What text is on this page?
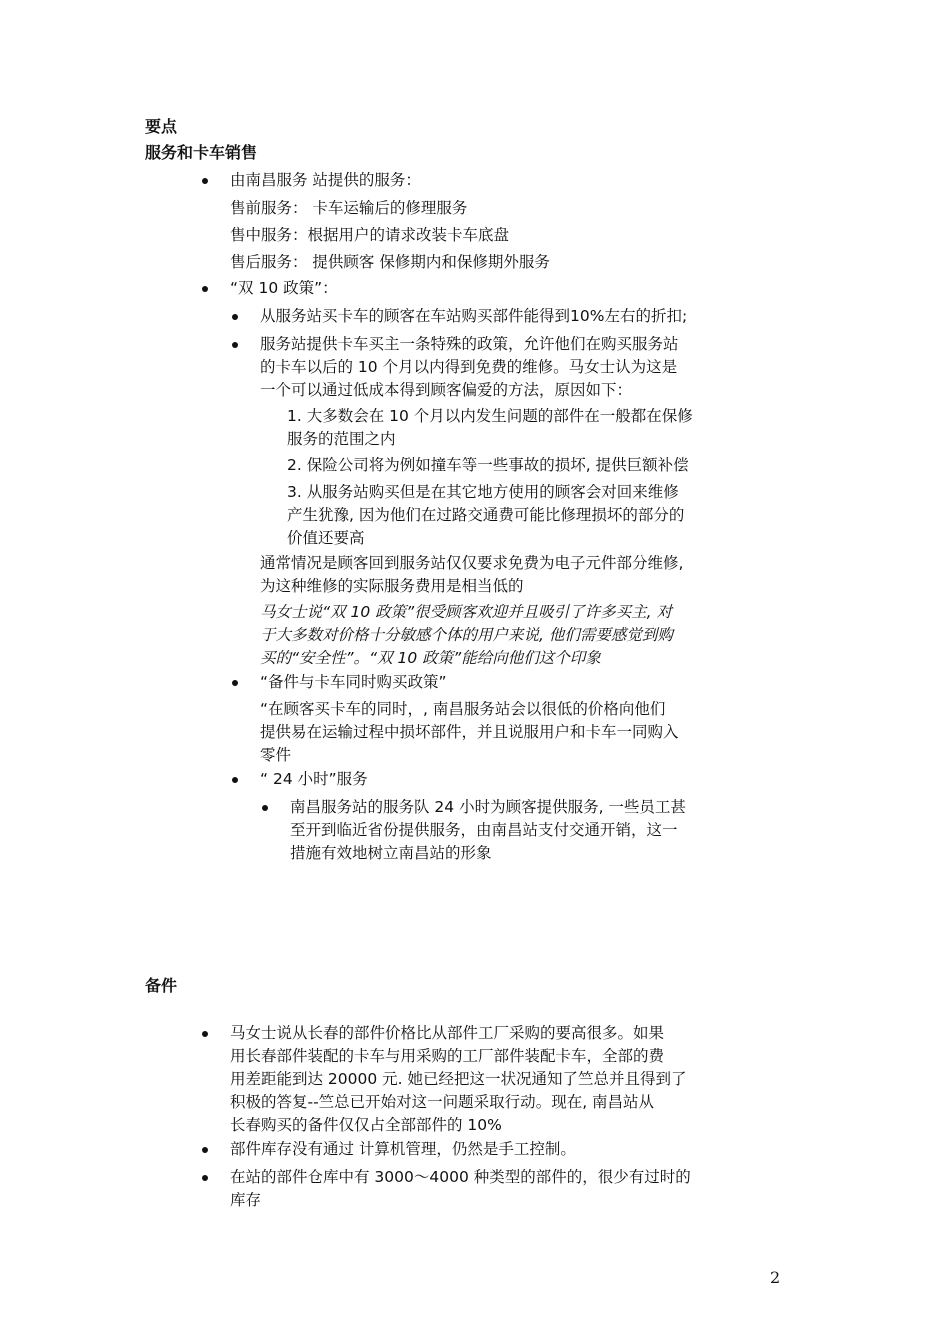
要点
服务和卡车销售
由南昌服务 站提供的服务：
售前服务： 卡车运输后的修理服务
售中服务：根据用户的请求改装卡车底盘
售后服务： 提供顾客 保修期内和保修期外服务
“双 10 政策”：
从服务站买卡车的顾客在车站购买部件能得到10%左右的折扣;
服务站提供卡车买主一条特殊的政策，允许他们在购买服务站
的卡车以后的 10 个月以内得到免费的维修。马女士认为这是
一个可以通过低成本得到顾客偏爱的方法，原因如下：
1. 大多数会在 10 个月以内发生问题的部件在一般都在保修
服务的范围之内
2. 保险公司将为例如撞车等一些事故的损坏, 提供巨额补偿
3. 从服务站购买但是在其它地方使用的顾客会对回来维修
产生犹豫, 因为他们在过路交通费可能比修理损坏的部分的
价值还要高
通常情况是顾客回到服务站仅仅要求免费为电子元件部分维修,
为这种维修的实际服务费用是相当低的
马女士说“双 10 政策”很受顾客欢迎并且吸引了许多买主, 对
于大多数对价格十分敏感个体的用户来说, 他们需要感觉到购
买的“安全性”。“双 10 政策”能给向他们这个印象
“备件与卡车同时购买政策”
“在顾客买卡车的同时，, 南昌服务站会以很低的价格向他们
提供易在运输过程中损坏部件，并且说服用户和卡车一同购入
零件
“ 24 小时”服务
南昌服务站的服务队 24 小时为顾客提供服务, 一些员工甚
至开到临近省份提供服务，由南昌站支付交通开销，这一
措施有效地树立南昌站的形象
备件
马女士说从长春的部件价格比从部件工厂采购的要高很多。如果
用长春部件装配的卡车与用采购的工厂部件装配卡车，全部的费
用差距能到达 20000 元. 她已经把这一状况通知了竺总并且得到了
积极的答复--竺总已开始对这一问题采取行动。现在, 南昌站从
长春购买的备件仅仅占全部部件的 10%
部件库存没有通过 计算机管理，仍然是手工控制。
在站的部件仓库中有 3000～4000 种类型的部件的，很少有过时的
库存
2
